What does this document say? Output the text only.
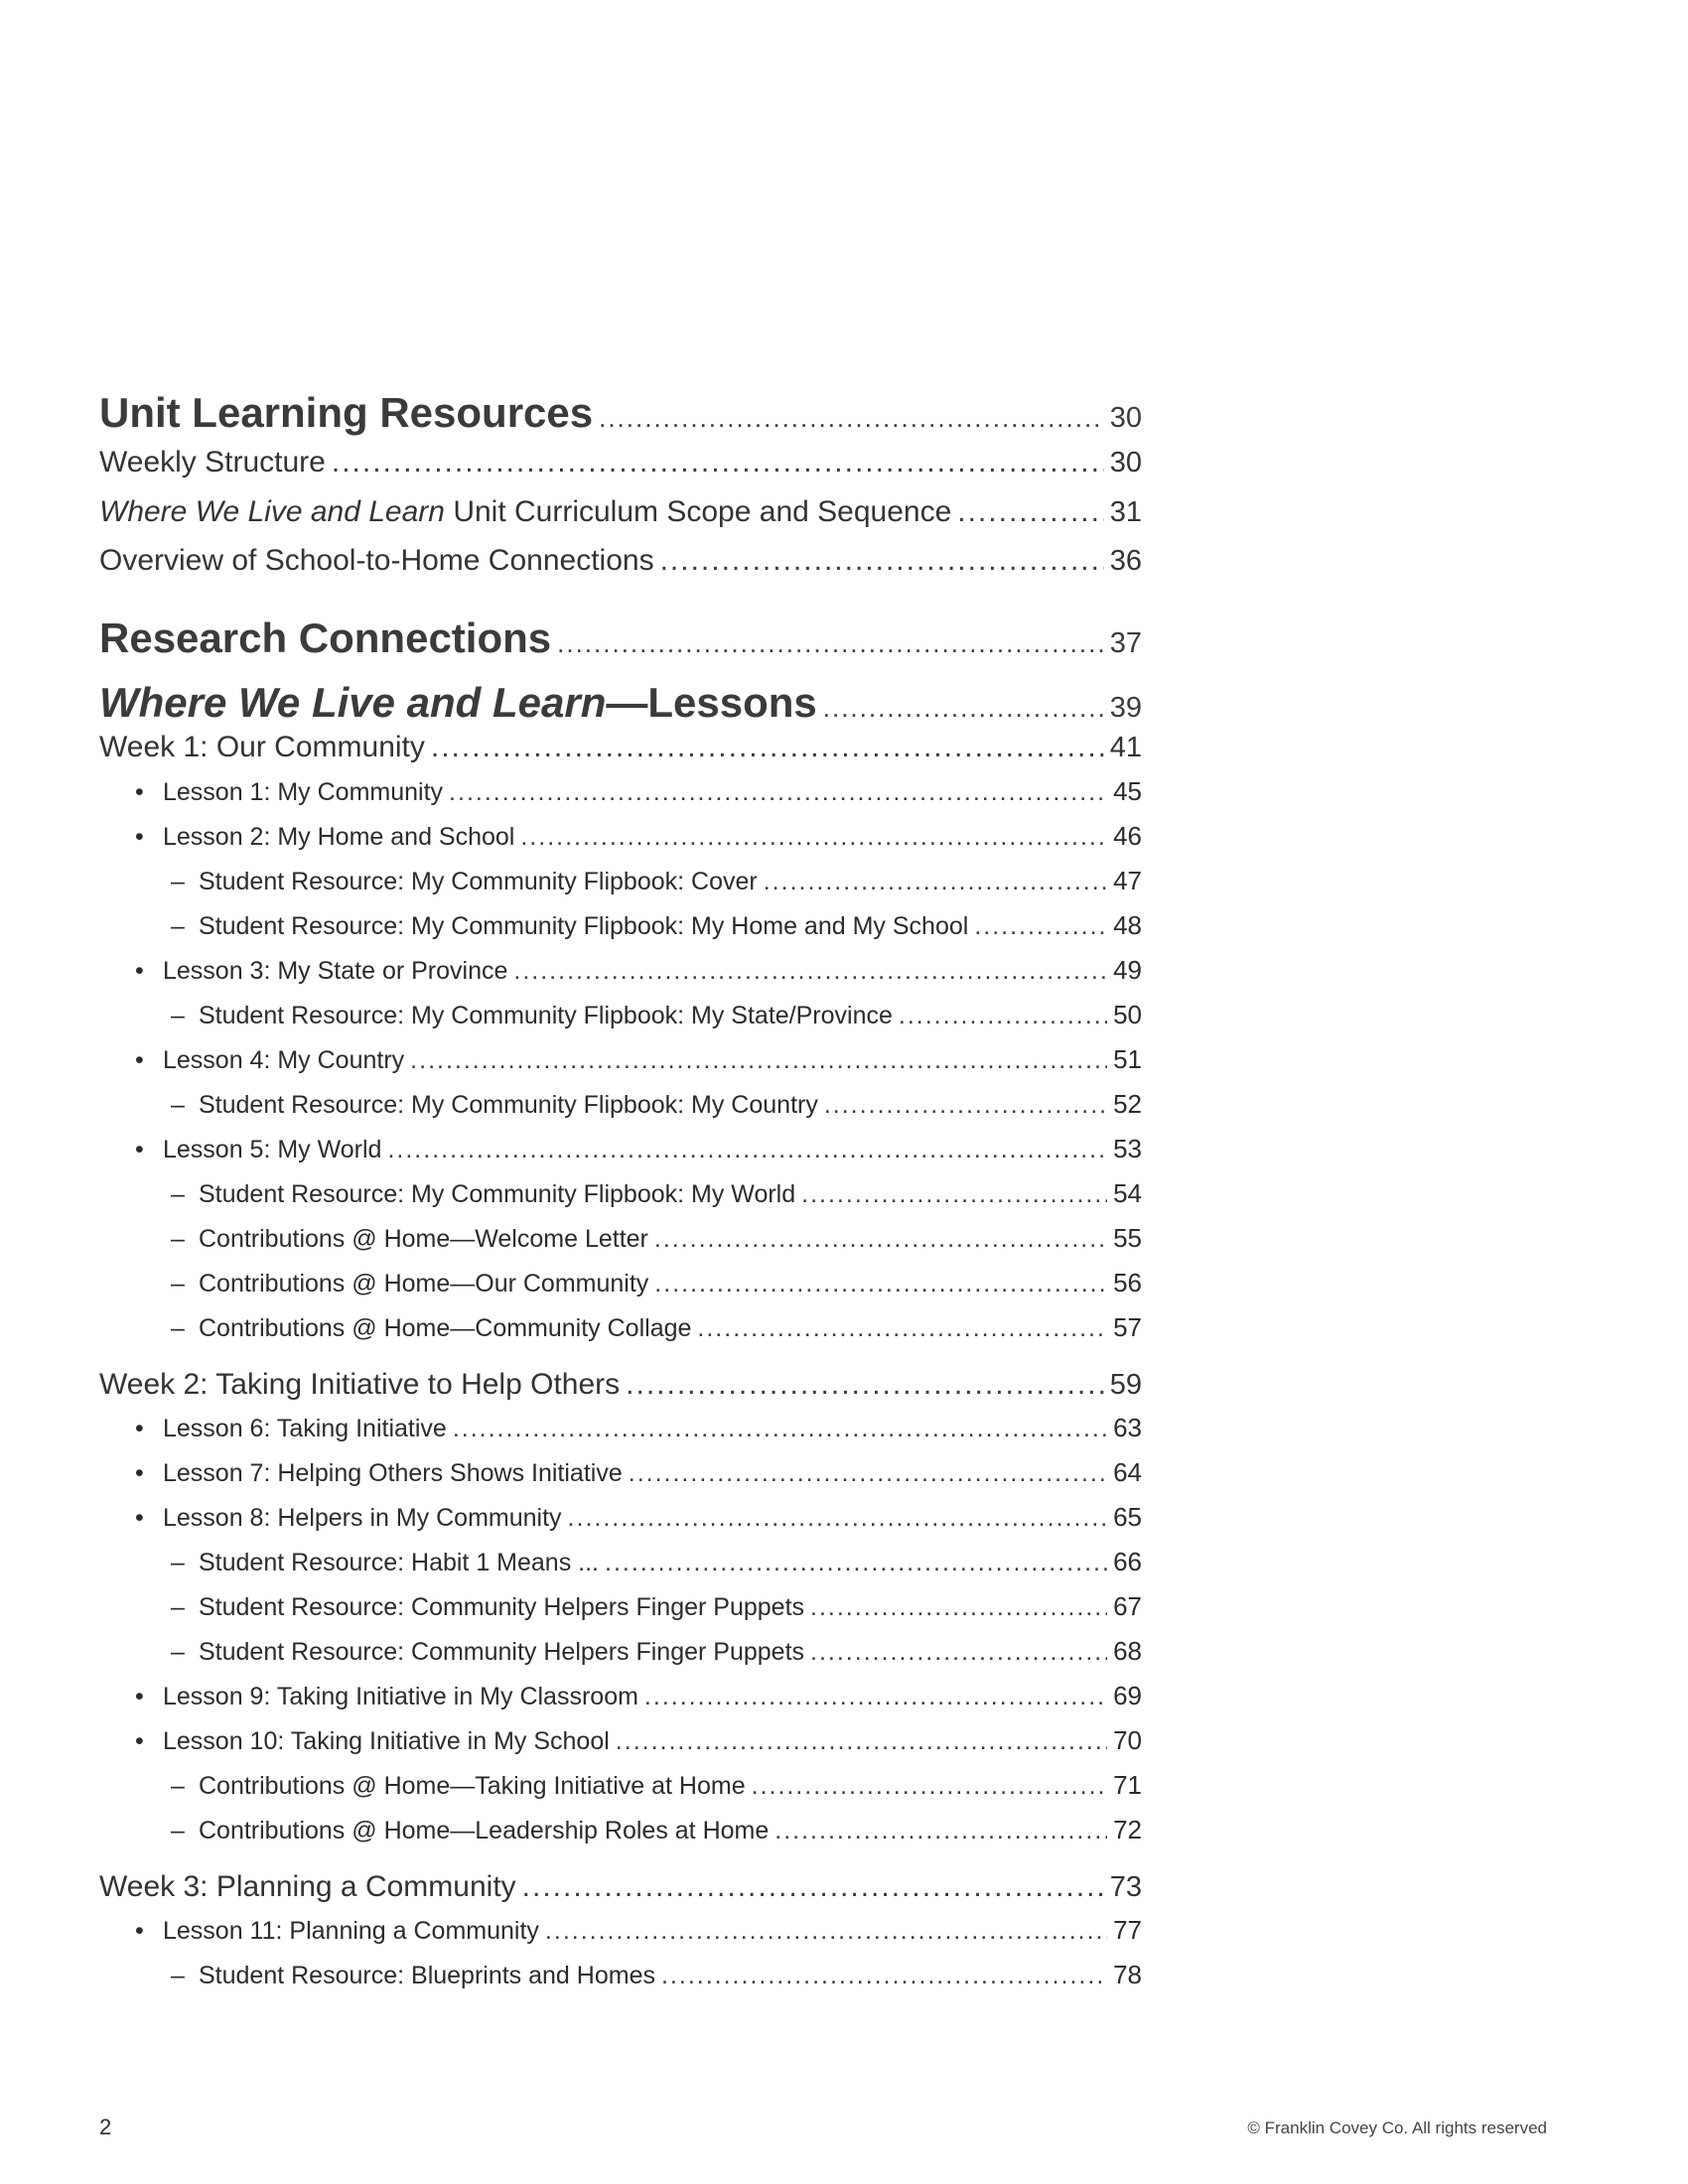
Unit Learning Resources .....	30
Weekly Structure .....	30
Where We Live and Learn Unit Curriculum Scope and Sequence .....	31
Overview of School-to-Home Connections .....	36
Research Connections .....	37
Where We Live and Learn—Lessons .....	39
Week 1: Our Community .....	41
• Lesson 1: My Community .....	45
• Lesson 2: My Home and School .....	46
– Student Resource: My Community Flipbook: Cover .....	47
– Student Resource: My Community Flipbook: My Home and My School .....	48
• Lesson 3: My State or Province .....	49
– Student Resource: My Community Flipbook: My State/Province .....	50
• Lesson 4: My Country .....	51
– Student Resource: My Community Flipbook: My Country .....	52
• Lesson 5: My World .....	53
– Student Resource: My Community Flipbook: My World .....	54
– Contributions @ Home—Welcome Letter .....	55
– Contributions @ Home—Our Community .....	56
– Contributions @ Home—Community Collage .....	57
Week 2: Taking Initiative to Help Others .....	59
• Lesson 6: Taking Initiative .....	63
• Lesson 7: Helping Others Shows Initiative .....	64
• Lesson 8: Helpers in My Community .....	65
– Student Resource: Habit 1 Means ... .....	66
– Student Resource: Community Helpers Finger Puppets .....	67
– Student Resource: Community Helpers Finger Puppets .....	68
• Lesson 9: Taking Initiative in My Classroom .....	69
• Lesson 10: Taking Initiative in My School .....	70
– Contributions @ Home—Taking Initiative at Home .....	71
– Contributions @ Home—Leadership Roles at Home .....	72
Week 3: Planning a Community .....	73
• Lesson 11: Planning a Community .....	77
– Student Resource: Blueprints and Homes .....	78
2	© Franklin Covey Co. All rights reserved
